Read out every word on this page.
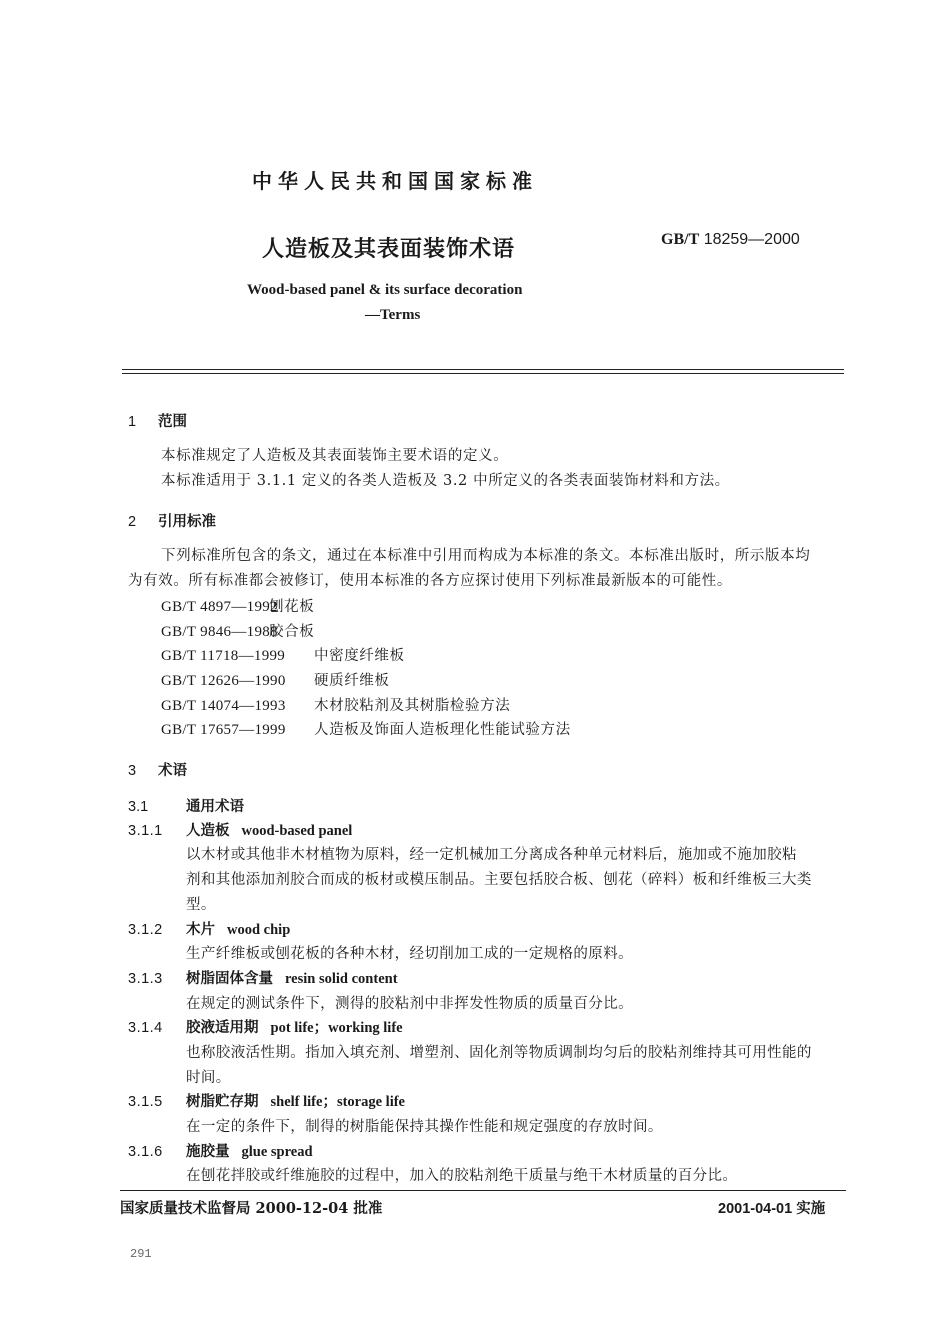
中华人民共和国国家标准
人造板及其表面装饰术语	GB/T 18259—2000
Wood-based panel & its surface decoration
—Terms
1 范围
本标准规定了人造板及其表面装饰主要术语的定义。
本标准适用于 3.1.1 定义的各类人造板及 3.2 中所定义的各类表面装饰材料和方法。
2 引用标准
下列标准所包含的条文，通过在本标准中引用而构成为本标准的条文。本标准出版时，所示版本均
为有效。所有标准都会被修订，使用本标准的各方应探讨使用下列标准最新版本的可能性。
GB/T 4897—1992刨花板
GB/T 9846—1988胶合板
GB/T 11718—1999 中密度纤维板
GB/T 12626—1990 硬质纤维板
GB/T 14074—1993 木材胶粘剂及其树脂检验方法
GB/T 17657—1999 人造板及饰面人造板理化性能试验方法
3 术语
3.1	通用术语
3.1.1 人造板 wood-based panel
以木材或其他非木材植物为原料，经一定机械加工分离成各种单元材料后，施加或不施加胶粘
剂和其他添加剂胶合而成的板材或模压制品。主要包括胶合板、刨花（碎料）板和纤维板三大类
型。
3.1.2 木片 wood chip
生产纤维板或刨花板的各种木材，经切削加工成的一定规格的原料。
3.1.3 树脂固体含量 resin solid content
在规定的测试条件下，测得的胶粘剂中非挥发性物质的质量百分比。
3.1.4 胶液适用期 pot life；working life
也称胶液活性期。指加入填充剂、增塑剂、固化剂等物质调制均匀后的胶粘剂维持其可用性能的
时间。
3.1.5 树脂贮存期 shelf life；storage life
在一定的条件下，制得的树脂能保持其操作性能和规定强度的存放时间。
3.1.6 施胶量 glue spread
在刨花拌胶或纤维施胶的过程中，加入的胶粘剂绝干质量与绝干木材质量的百分比。
国家质量技术监督局 2000-12-04 批准	2001-04-01 实施
291
